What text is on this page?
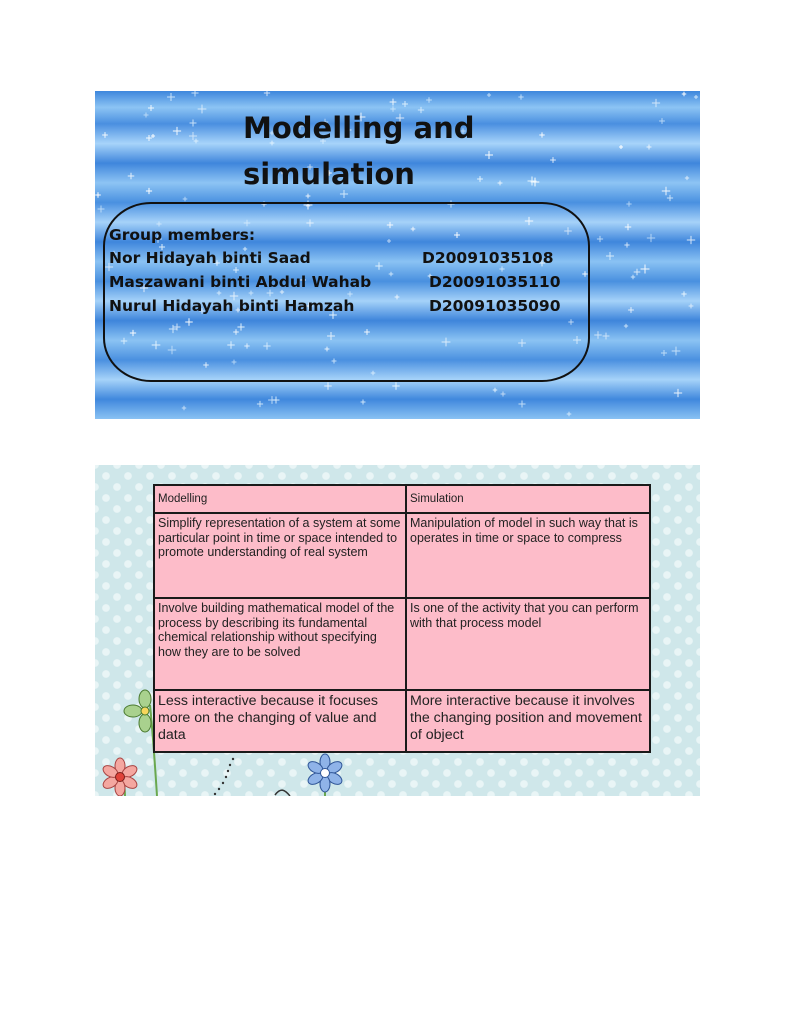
Modelling and
simulation
Group members:
Nor Hidayah binti Saad	D20091035108
Maszawani binti Abdul Wahab	D20091035110
Nurul Hidayah binti Hamzah	D20091035090
Modelling	Simulation
Simplify representation of a system at some particular point in time or space intended to promote understanding of real system	Manipulation of model in such way that is operates in time or space to compress
Involve building mathematical model of the process by describing its fundamental chemical relationship without specifying how they are to be solved	Is one of the activity that you can perform with that process model
Less interactive because it focuses more on the changing of value and data	More interactive because it involves the changing position and movement of object
